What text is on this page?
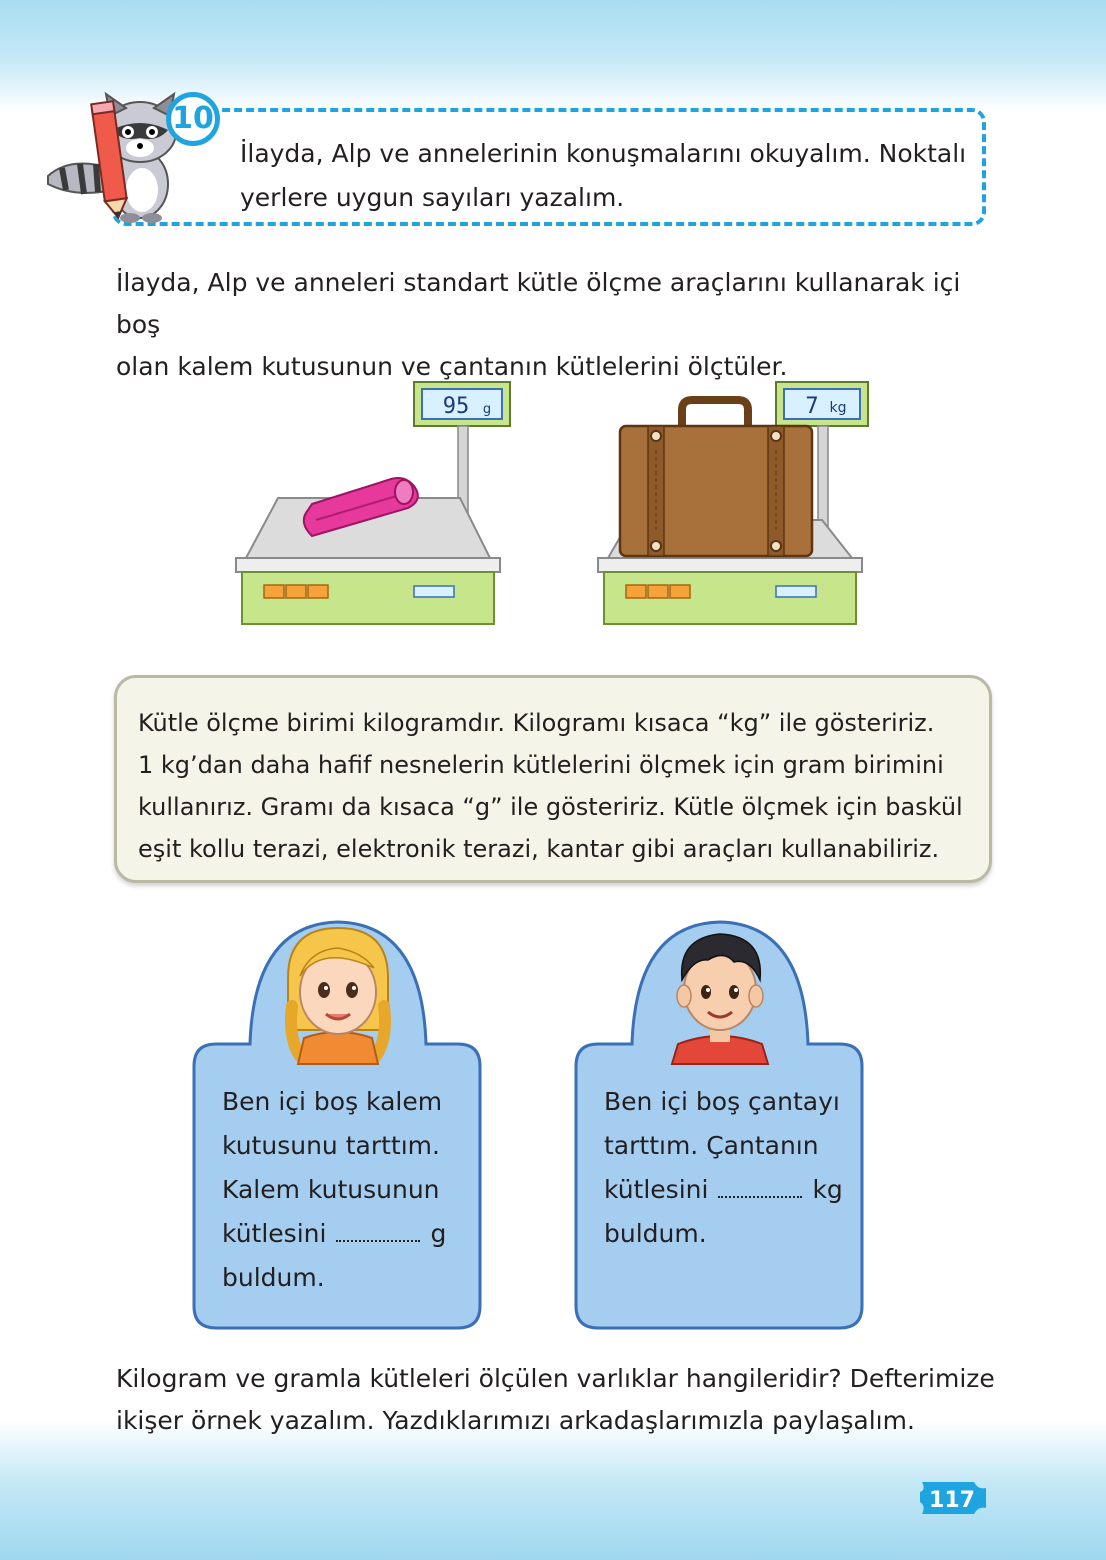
10
İlayda, Alp ve annelerinin konuşmalarını okuyalım. Noktalı
yerlere uygun sayıları yazalım.
İlayda, Alp ve anneleri standart kütle ölçme araçlarını kullanarak içi boş
olan kalem kutusunun ve çantanın kütlelerini ölçtüler.
95 g	7 kg
Kütle ölçme birimi kilogramdır. Kilogramı kısaca “kg” ile gösteririz.
1 kg’dan daha hafif nesnelerin kütlelerini ölçmek için gram birimini
kullanırız. Gramı da kısaca “g” ile gösteririz. Kütle ölçmek için baskül
eşit kollu terazi, elektronik terazi, kantar gibi araçları kullanabiliriz.
Ben içi boş kalem
kutusunu tarttım.
Kalem kutusunun
kütlesini	g
buldum.
Ben içi boş çantayı
tarttım. Çantanın
kütlesini	kg
buldum.
Kilogram ve gramla kütleleri ölçülen varlıklar hangileridir? Defterimize
ikişer örnek yazalım. Yazdıklarımızı arkadaşlarımızla paylaşalım.
117
